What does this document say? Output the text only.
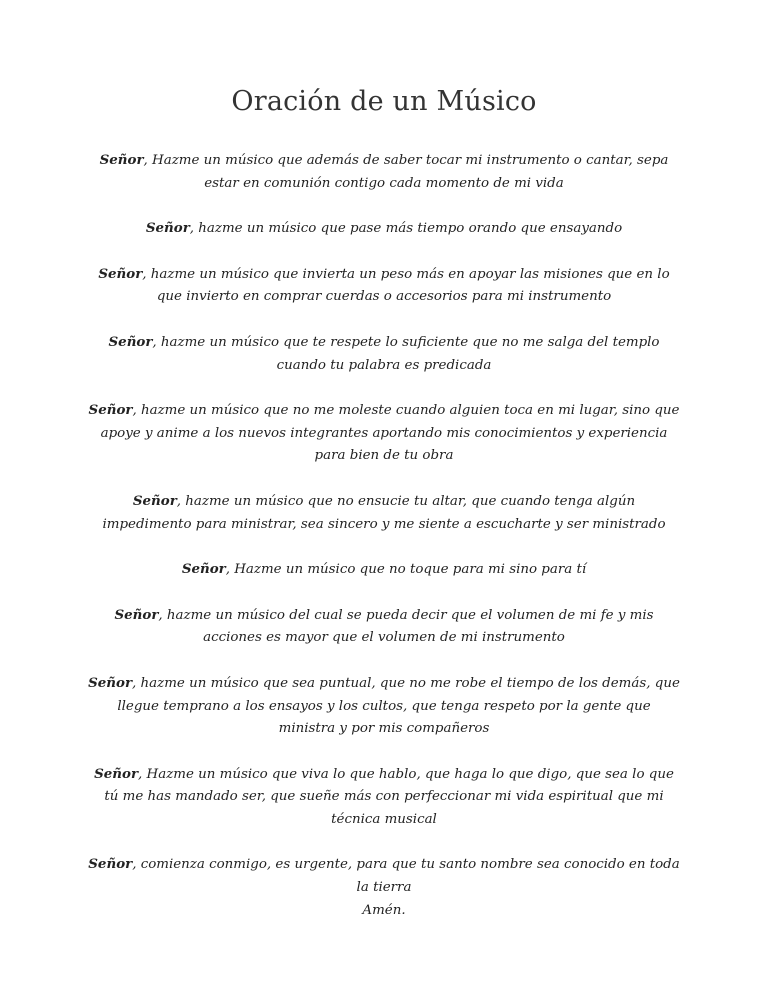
Oración de un Músico

Señor, Hazme un músico que además de saber tocar mi instrumento o cantar, sepa estar en comunión contigo cada momento de mi vida

Señor, hazme un músico que pase más tiempo orando que ensayando

Señor, hazme un músico que invierta un peso más en apoyar las misiones que en lo que invierto en comprar cuerdas o accesorios para mi instrumento

Señor, hazme un músico que te respete lo suficiente que no me salga del templo cuando tu palabra es predicada

Señor, hazme un músico que no me moleste cuando alguien toca en mi lugar, sino que apoye y anime a los nuevos integrantes aportando mis conocimientos y experiencia para bien de tu obra

Señor, hazme un músico que no ensucie tu altar, que cuando tenga algún impedimento para ministrar, sea sincero y me siente a escucharte y ser ministrado

Señor, Hazme un músico que no toque para mi sino para tí

Señor, hazme un músico del cual se pueda decir que el volumen de mi fe y mis acciones es mayor que el volumen de mi instrumento

Señor, hazme un músico que sea puntual, que no me robe el tiempo de los demás, que llegue temprano a los ensayos y los cultos, que tenga respeto por la gente que ministra y por mis compañeros

Señor, Hazme un músico que viva lo que hablo, que haga lo que digo, que sea lo que tú me has mandado ser, que sueñe más con perfeccionar mi vida espiritual que mi técnica musical

Señor, comienza conmigo, es urgente, para que tu santo nombre sea conocido en toda la tierra
Amén.
